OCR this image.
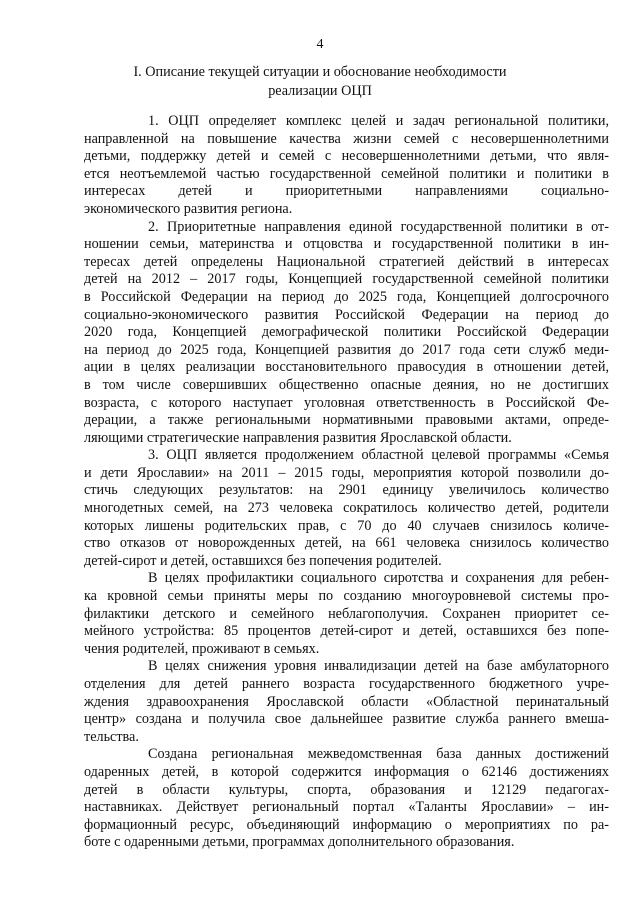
4
I. Описание текущей ситуации и обоснование необходимости
реализации ОЦП
1. ОЦП определяет комплекс целей и задач региональной политики,
направленной на повышение качества жизни семей с несовершеннолетними
детьми, поддержку детей и семей с несовершеннолетними детьми, что явля-
ется неотъемлемой частью государственной семейной политики и политики в
интересах детей и приоритетными направлениями социально-
экономического развития региона.
2. Приоритетные направления единой государственной политики в от-
ношении семьи, материнства и отцовства и государственной политики в ин-
тересах детей определены Национальной стратегией действий в интересах
детей на 2012 – 2017 годы, Концепцией государственной семейной политики
в Российской Федерации на период до 2025 года, Концепцией долгосрочного
социально-экономического развития Российской Федерации на период до
2020 года, Концепцией демографической политики Российской Федерации
на период до 2025 года, Концепцией развития до 2017 года сети служб меди-
ации в целях реализации восстановительного правосудия в отношении детей,
в том числе совершивших общественно опасные деяния, но не достигших
возраста, с которого наступает уголовная ответственность в Российской Фе-
дерации, а также региональными нормативными правовыми актами, опреде-
ляющими стратегические направления развития Ярославской области.
3. ОЦП является продолжением областной целевой программы «Семья
и дети Ярославии» на 2011 – 2015 годы, мероприятия которой позволили до-
стичь следующих результатов: на 2901 единицу увеличилось количество
многодетных семей, на 273 человека сократилось количество детей, родители
которых лишены родительских прав, с 70 до 40 случаев снизилось количе-
ство отказов от новорожденных детей, на 661 человека снизилось количество
детей-сирот и детей, оставшихся без попечения родителей.
В целях профилактики социального сиротства и сохранения для ребен-
ка кровной семьи приняты меры по созданию многоуровневой системы про-
филактики детского и семейного неблагополучия. Сохранен приоритет се-
мейного устройства: 85 процентов детей-сирот и детей, оставшихся без попе-
чения родителей, проживают в семьях.
В целях снижения уровня инвалидизации детей на базе амбулаторного
отделения для детей раннего возраста государственного бюджетного учре-
ждения здравоохранения Ярославской области «Областной перинатальный
центр» создана и получила свое дальнейшее развитие служба раннего вмеша-
тельства.
Создана региональная межведомственная база данных достижений
одаренных детей, в которой содержится информация о 62146 достижениях
детей в области культуры, спорта, образования и 12129 педагогах-
наставниках. Действует региональный портал «Таланты Ярославии» – ин-
формационный ресурс, объединяющий информацию о мероприятиях по ра-
боте с одаренными детьми, программах дополнительного образования.
